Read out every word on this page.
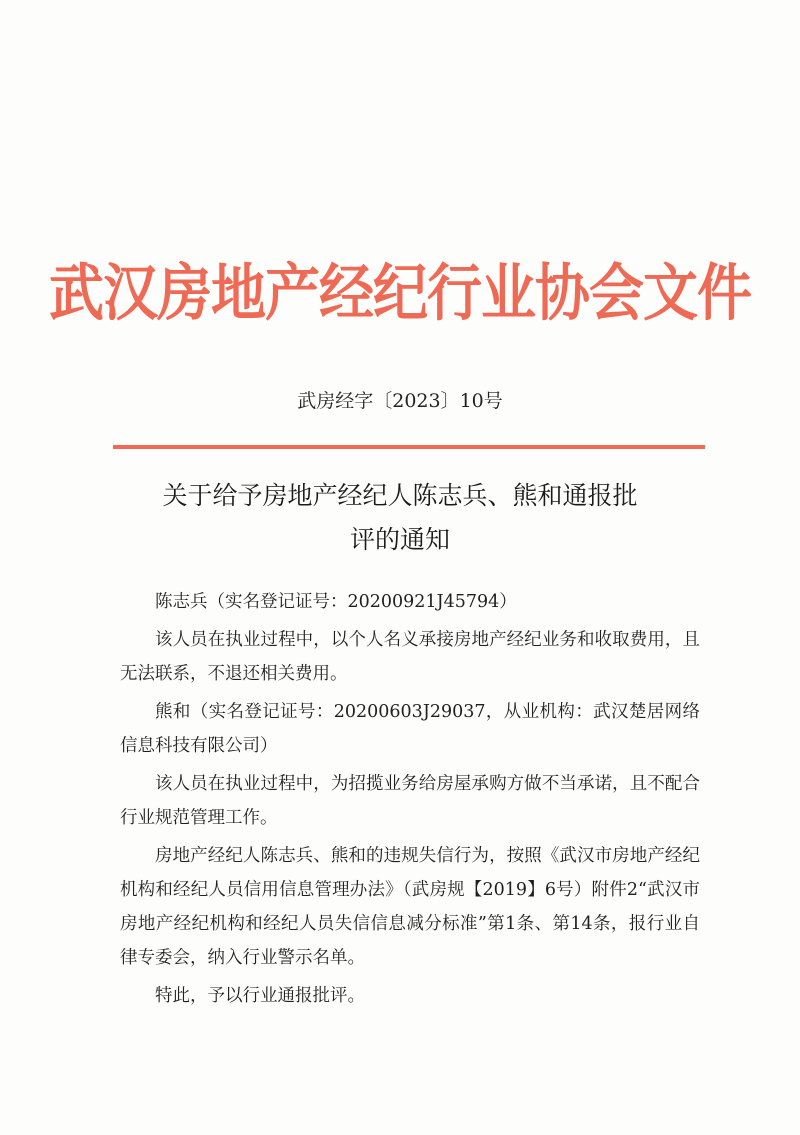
武汉房地产经纪行业协会文件
武房经字〔2023〕10号
关于给予房地产经纪人陈志兵、熊和通报批
评的通知

陈志兵（实名登记证号：20200921J45794）

该人员在执业过程中，以个人名义承接房地产经纪业务和收取费用，且无法联系，不退还相关费用。

熊和（实名登记证号：20200603J29037，从业机构：武汉楚居网络信息科技有限公司）

该人员在执业过程中，为招揽业务给房屋承购方做不当承诺，且不配合行业规范管理工作。

房地产经纪人陈志兵、熊和的违规失信行为，按照《武汉市房地产经纪机构和经纪人员信用信息管理办法》（武房规【2019】6号）附件2“武汉市房地产经纪机构和经纪人员失信信息减分标准”第1条、第14条，报行业自律专委会，纳入行业警示名单。

特此，予以行业通报批评。
